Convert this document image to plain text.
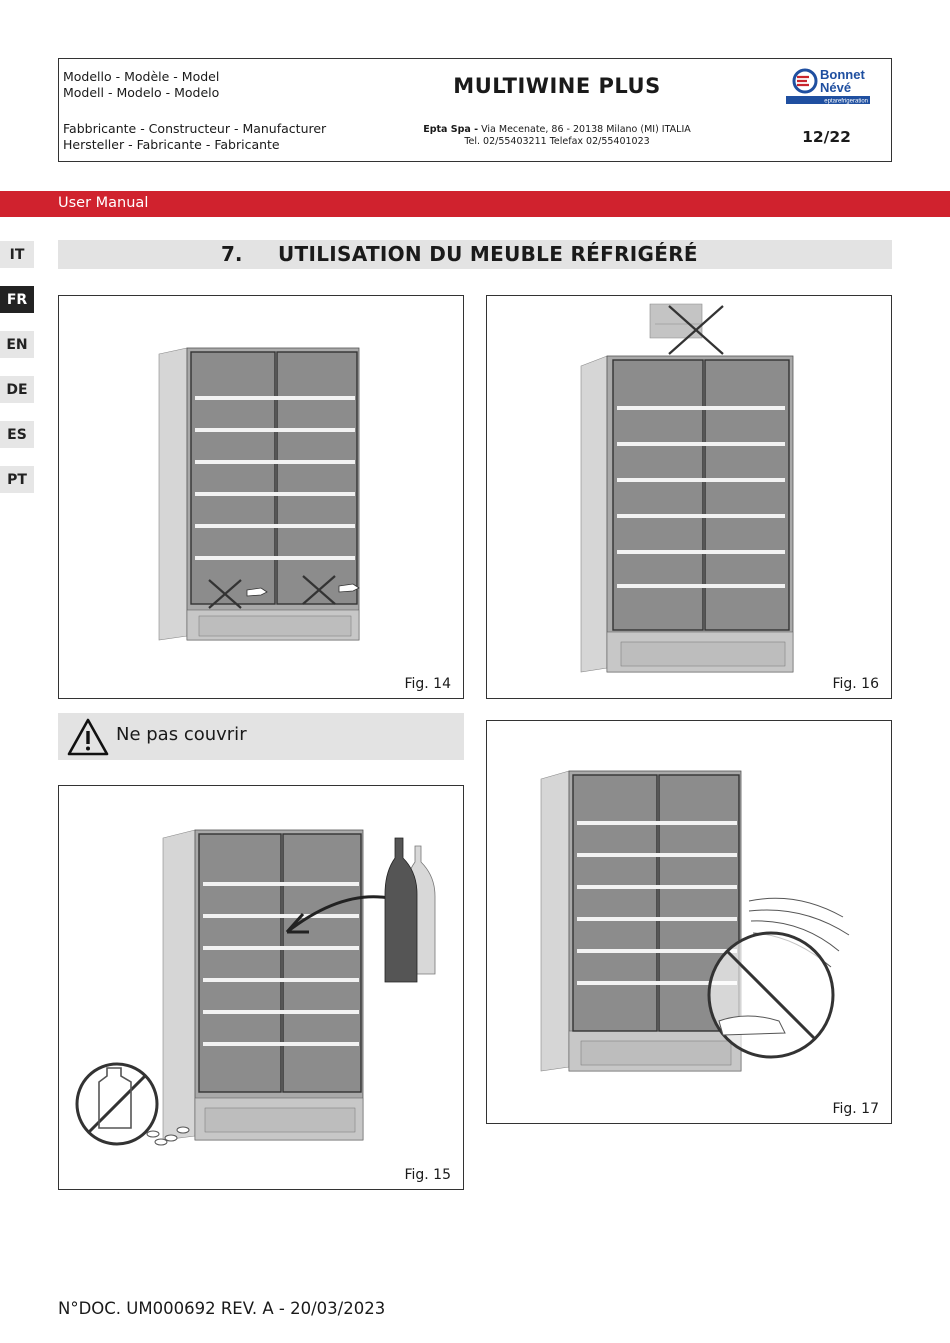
Modello - Modèle - Model
Modell - Modelo - Modelo	MULTIWINE PLUS	Bonnet
Névé
eptarefrigeration
Fabbricante - Constructeur - Manufacturer
Hersteller - Fabricante - Fabricante
Epta Spa - Via Mecenate, 86 - 20138 Milano (MI) ITALIA
Tel. 02/55403211 Telefax 02/55401023	12/22
User Manual
IT
FR
EN
DE
ES
PT
7. UTILISATION DU MEUBLE RÉFRIGÉRÉ
Fig. 14	Fig. 16
Ne pas couvrir
Fig. 15
Fig. 17
N°DOC. UM000692 REV. A - 20/03/2023
